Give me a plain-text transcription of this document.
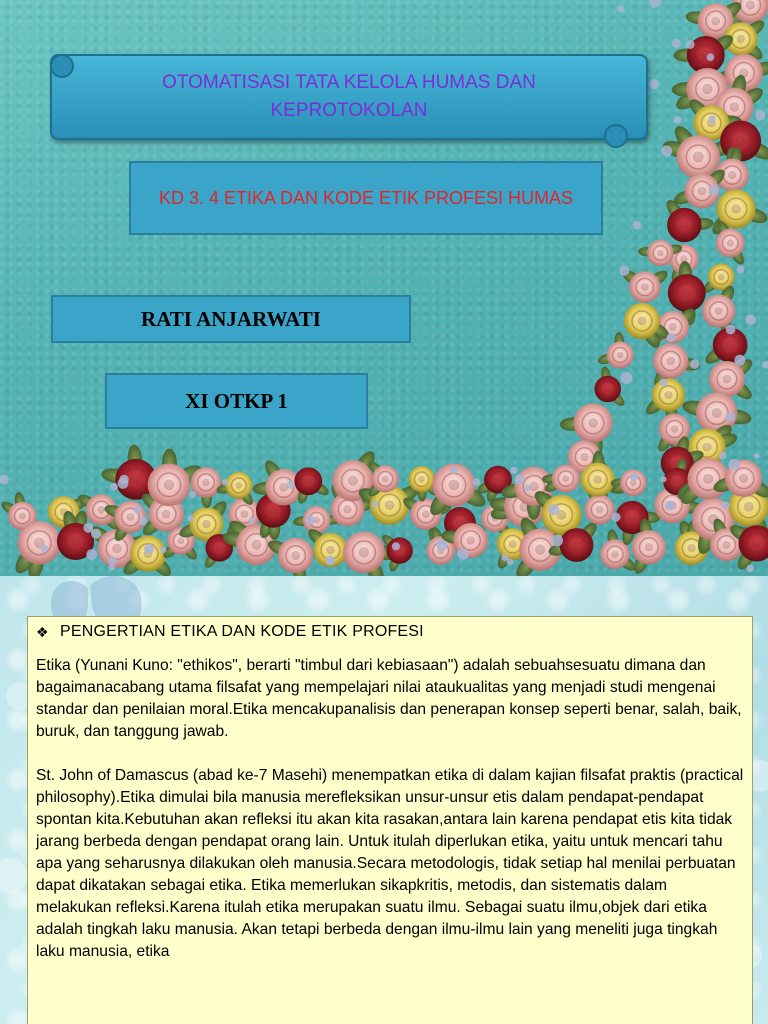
OTOMATISASI TATA KELOLA HUMAS DAN KEPROTOKOLAN
KD 3. 4 ETIKA DAN KODE ETIK PROFESI HUMAS
RATI ANJARWATI
XI OTKP 1
❖ PENGERTIAN ETIKA DAN KODE ETIK PROFESI

Etika (Yunani Kuno: "ethikos", berarti "timbul dari kebiasaan") adalah sebuahsesuatu dimana dan bagaimanacabang utama filsafat yang mempelajari nilai ataukualitas yang menjadi studi mengenai standar dan penilaian moral.Etika mencakupanalisis dan penerapan konsep seperti benar, salah, baik, buruk, dan tanggung jawab.

St. John of Damascus (abad ke-7 Masehi) menempatkan etika di dalam kajian filsafat praktis (practical philosophy).Etika dimulai bila manusia merefleksikan unsur-unsur etis dalam pendapat-pendapat spontan kita.Kebutuhan akan refleksi itu akan kita rasakan,antara lain karena pendapat etis kita tidak jarang berbeda dengan pendapat orang lain. Untuk itulah diperlukan etika, yaitu untuk mencari tahu apa yang seharusnya dilakukan oleh manusia.Secara metodologis, tidak setiap hal menilai perbuatan dapat dikatakan sebagai etika. Etika memerlukan sikapkritis, metodis, dan sistematis dalam melakukan refleksi.Karena itulah etika merupakan suatu ilmu. Sebagai suatu ilmu,objek dari etika adalah tingkah laku manusia. Akan tetapi berbeda dengan ilmu-ilmu lain yang meneliti juga tingkah laku manusia, etika
